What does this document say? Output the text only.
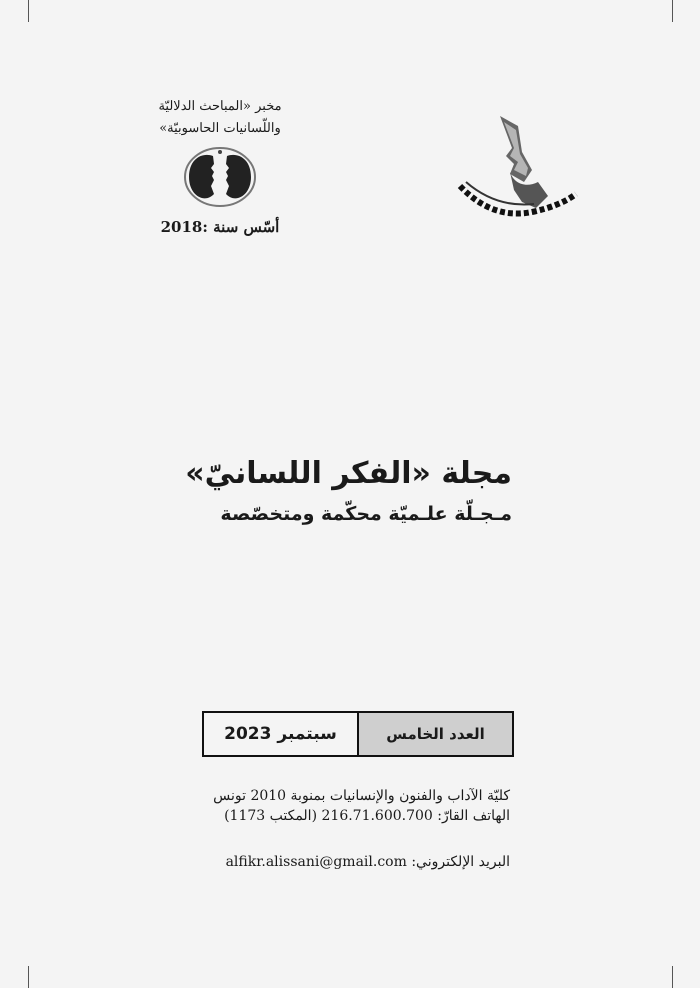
مخبر «المباحث الدلاليّة
واللّسانيات الحاسوبيّة»
أسّس سنة :2018
مجلة «الفكر اللسانيّ»
مـجـلّة علـميّة محكّمة ومتخصّصة
العدد الخامس
سبتمبر 2023
كليّة الآداب والفنون والإنسانيات بمنوبة 2010 تونس
الهاتف القارّ: 216.71.600.700 (المكتب 1173)
البريد الإلكتروني: alfikr.alissani@gmail.com
